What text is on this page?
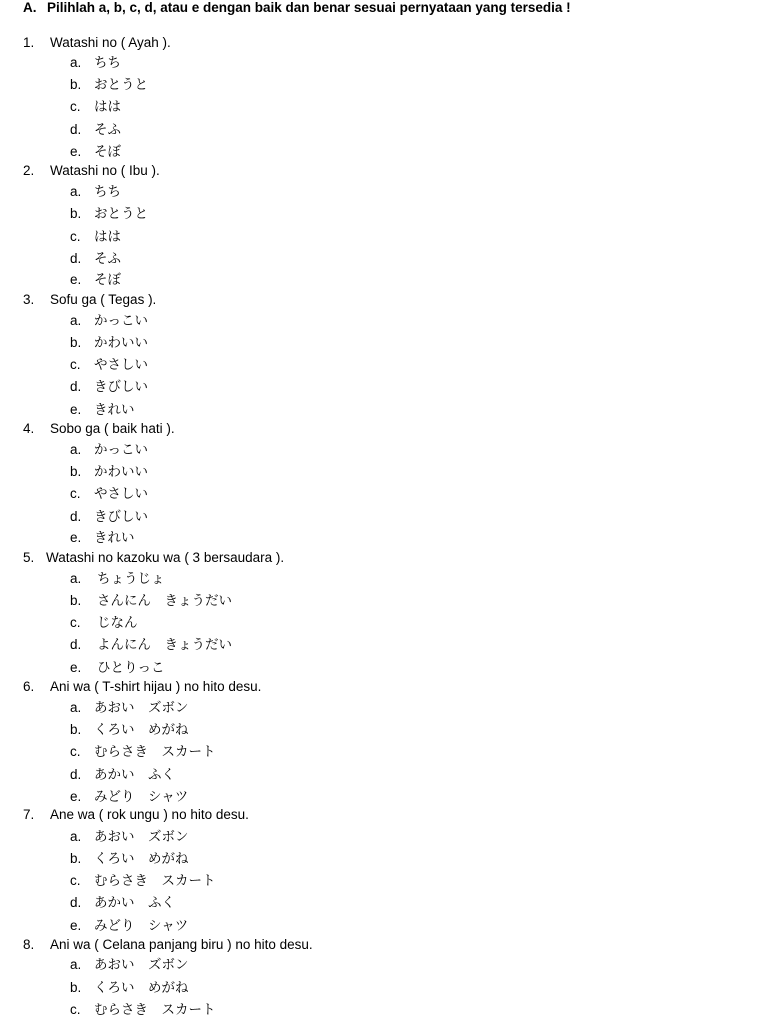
A. Pilihlah a, b, c, d, atau e dengan baik dan benar sesuai pernyataan yang tersedia !
1. Watashi no ( Ayah ).
a. ちち
b. おとうと
c. はは
d. そふ
e. そぼ
2. Watashi no ( Ibu ).
a. ちち
b. おとうと
c. はは
d. そふ
e. そぼ
3. Sofu ga ( Tegas ).
a. かっこい
b. かわいい
c. やさしい
d. きびしい
e. きれい
4. Sobo ga ( baik hati ).
a. かっこい
b. かわいい
c. やさしい
d. きびしい
e. きれい
5. Watashi no kazoku wa ( 3 bersaudara ).
a. ちょうじょ
b. さんにん　きょうだい
c. じなん
d. よんにん　きょうだい
e. ひとりっこ
6. Ani wa ( T-shirt hijau ) no hito desu.
a. あおい　ズボン
b. くろい　めがね
c. むらさき　スカート
d. あかい　ふく
e. みどり　シャツ
7. Ane wa ( rok ungu ) no hito desu.
a. あおい　ズボン
b. くろい　めがね
c. むらさき　スカート
d. あかい　ふく
e. みどり　シャツ
8. Ani wa ( Celana panjang biru ) no hito desu.
a. あおい　ズボン
b. くろい　めがね
c. むらさき　スカート
